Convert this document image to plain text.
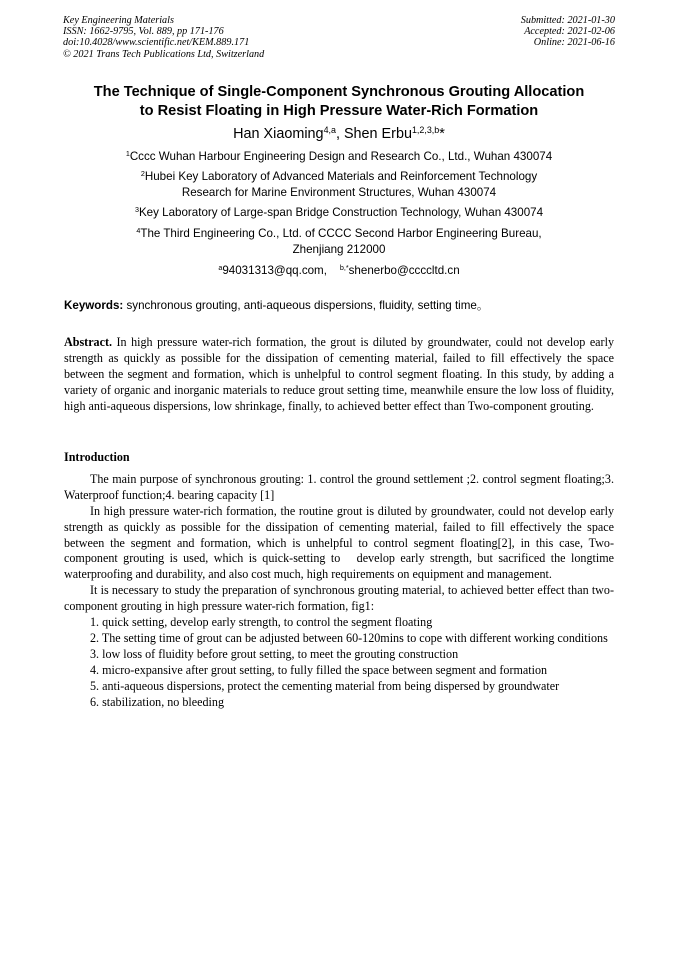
Key Engineering Materials
ISSN: 1662-9795, Vol. 889, pp 171-176
doi:10.4028/www.scientific.net/KEM.889.171
© 2021 Trans Tech Publications Ltd, Switzerland
Submitted: 2021-01-30
Accepted: 2021-02-06
Online: 2021-06-16
The Technique of Single-Component Synchronous Grouting Allocation
to Resist Floating in High Pressure Water-Rich Formation
Han Xiaoming$^{4,a}$, Shen Erbu$^{1,2,3,b}$*
$^1$Cccc Wuhan Harbour Engineering Design and Research Co., Ltd., Wuhan 430074
$^2$Hubei Key Laboratory of Advanced Materials and Reinforcement Technology
Research for Marine Environment Structures, Wuhan 430074
$^3$Key Laboratory of Large-span Bridge Construction Technology, Wuhan 430074
$^4$The Third Engineering Co., Ltd. of CCCC Second Harbor Engineering Bureau,
Zhenjiang 212000
$^a$94031313@qq.com, $^{b,*}$shenerbo@ccccltd.cn
Keywords: synchronous grouting, anti-aqueous dispersions, fluidity, setting time。

Abstract. In high pressure water-rich formation, the grout is diluted by groundwater, could not develop early strength as quickly as possible for the dissipation of cementing material, failed to fill effectively the space between the segment and formation, which is unhelpful to control segment floating. In this study, by adding a variety of organic and inorganic materials to reduce grout setting time, meanwhile ensure the low loss of fluidity, high anti-aqueous dispersions, low shrinkage, finally, to achieved better effect than Two-component grouting.

Introduction

The main purpose of synchronous grouting: 1. control the ground settlement ;2. control segment floating;3. Waterproof function;4. bearing capacity [1]

In high pressure water-rich formation, the routine grout is diluted by groundwater, could not develop early strength as quickly as possible for the dissipation of cementing material, failed to fill effectively the space between the segment and formation, which is unhelpful to control segment floating[2], in this case, Two-component grouting is used, which is quick-setting to   develop early strength, but sacrificed the longtime waterproofing and durability, and also cost much, high requirements on equipment and management.

It is necessary to study the preparation of synchronous grouting material, to achieved better effect than two-component grouting in high pressure water-rich formation, fig1:

1. quick setting, develop early strength, to control the segment floating

2. The setting time of grout can be adjusted between 60-120mins to cope with different working conditions

3. low loss of fluidity before grout setting, to meet the grouting construction

4. micro-expansive after grout setting, to fully filled the space between segment and formation

5. anti-aqueous dispersions, protect the cementing material from being dispersed by groundwater

6. stabilization, no bleeding
